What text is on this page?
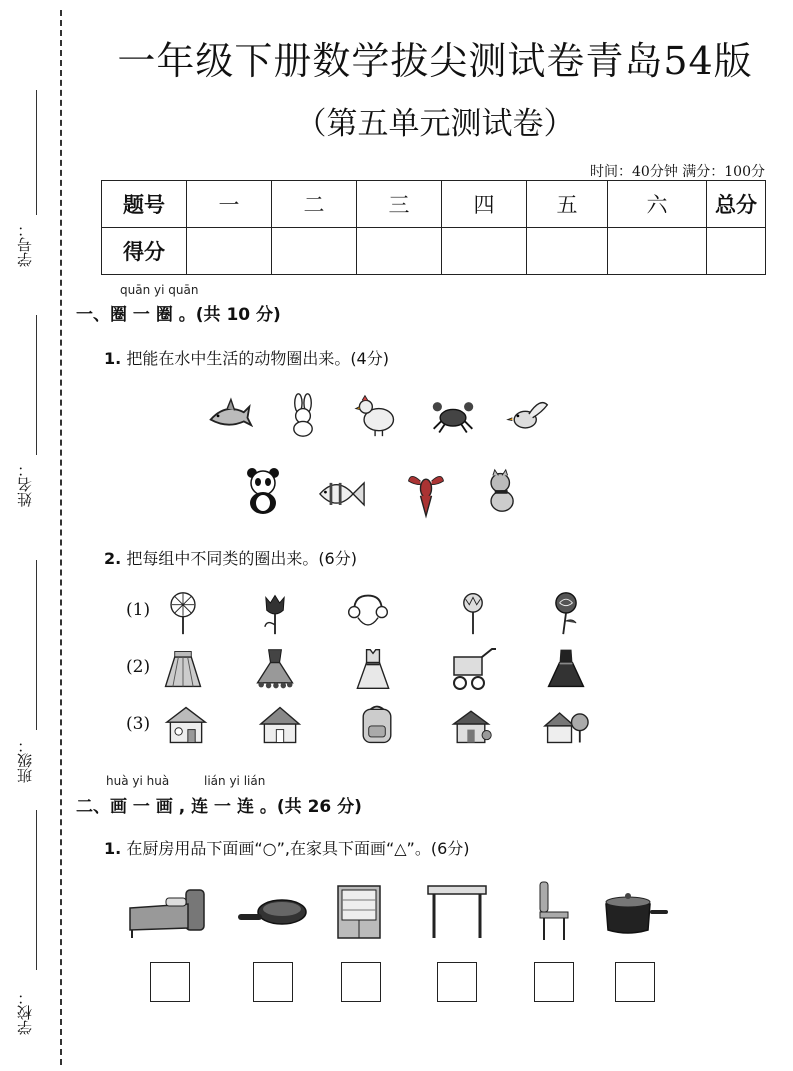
学号：
姓名：
班级：
学校：
一年级下册数学拔尖测试卷青岛54版
（第五单元测试卷）
时间：40分钟 满分：100分
题号	一	二	三	四	五	六	总分
得分							
quān yi quān
一、圈 一 圈 。(共 10 分)
1. 把能在水中生活的动物圈出来。(4分)
2. 把每组中不同类的圈出来。(6分)
(1)
(2)
(3)
huà yi huà	lián yi lián
二、画 一 画 , 连 一 连 。(共 26 分)
1. 在厨房用品下面画“○”,在家具下面画“△”。(6分)
